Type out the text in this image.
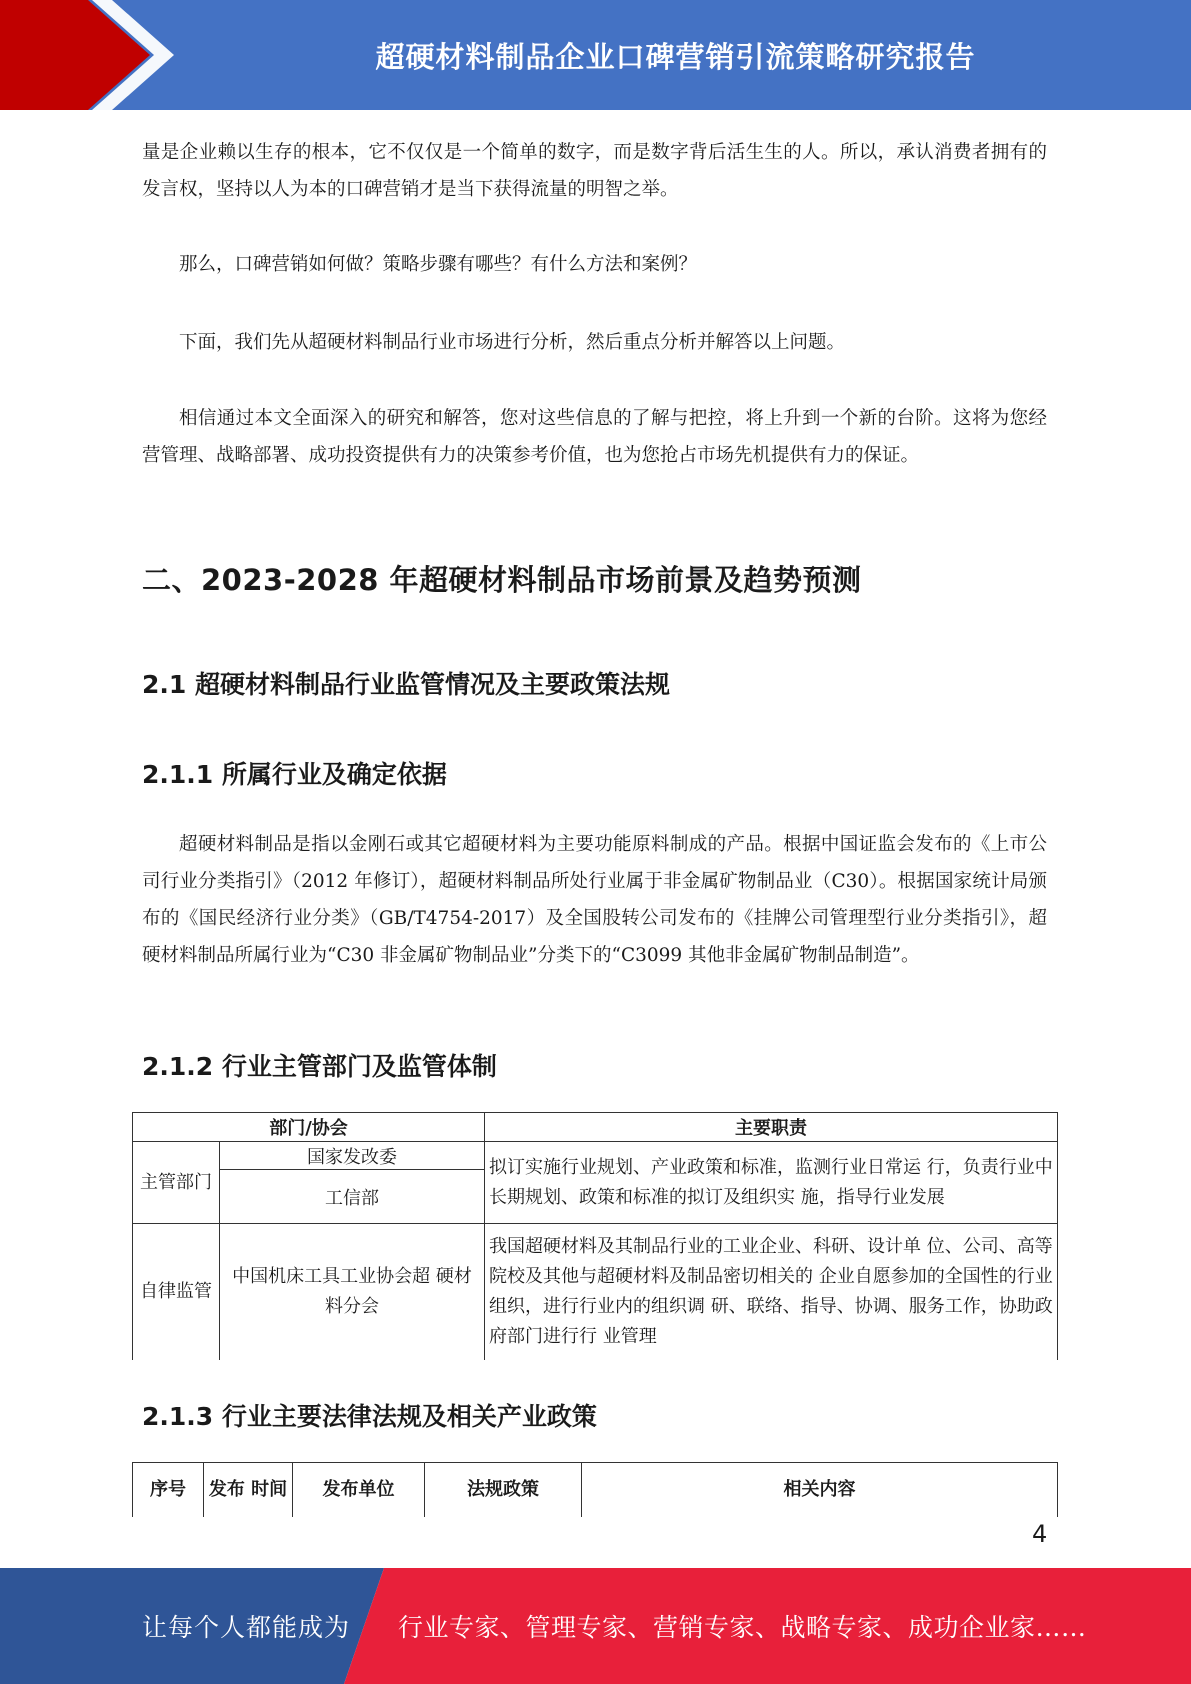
超硬材料制品企业口碑营销引流策略研究报告

量是企业赖以生存的根本，它不仅仅是一个简单的数字，而是数字背后活生生的人。所以，承认消费者拥有的发言权，坚持以人为本的口碑营销才是当下获得流量的明智之举。

那么，口碑营销如何做？策略步骤有哪些？有什么方法和案例？

下面，我们先从超硬材料制品行业市场进行分析，然后重点分析并解答以上问题。

相信通过本文全面深入的研究和解答，您对这些信息的了解与把控，将上升到一个新的台阶。这将为您经营管理、战略部署、成功投资提供有力的决策参考价值，也为您抢占市场先机提供有力的保证。

二、2023-2028 年超硬材料制品市场前景及趋势预测
2.1 超硬材料制品行业监管情况及主要政策法规
2.1.1 所属行业及确定依据

超硬材料制品是指以金刚石或其它超硬材料为主要功能原料制成的产品。根据中国证监会发布的《上市公司行业分类指引》（2012 年修订），超硬材料制品所处行业属于非金属矿物制品业（C30）。根据国家统计局颁布的《国民经济行业分类》（GB/T4754-2017）及全国股转公司发布的《挂牌公司管理型行业分类指引》，超硬材料制品所属行业为“C30 非金属矿物制品业”分类下的“C3099 其他非金属矿物制品制造”。

2.1.2 行业主管部门及监管体制
部门/协会		主要职责
主管部门	国家发改委	拟订实施行业规划、产业政策和标准，监测行业日常运 行，负责行业中长期规划、政策和标准的拟订及组织实 施，指导行业发展
	工信部	
自律监管	中国机床工具工业协会超 硬材料分会	我国超硬材料及其制品行业的工业企业、科研、设计单 位、公司、高等院校及其他与超硬材料及制品密切相关的 企业自愿参加的全国性的行业组织，进行行业内的组织调 研、联络、指导、协调、服务工作，协助政府部门进行行 业管理
2.1.3 行业主要法律法规及相关产业政策
序号	发布 时间	发布单位	法规政策	相关内容
4
让每个人都能成为 行业专家、管理专家、营销专家、战略专家、成功企业家……
